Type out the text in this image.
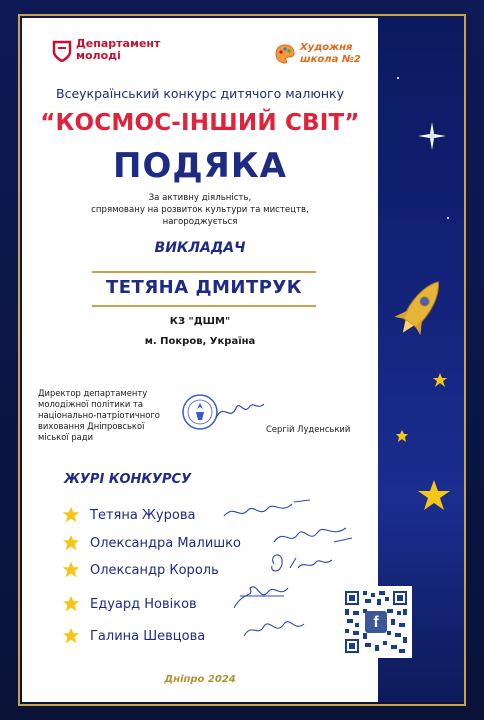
Департамент
молоді
Художня
школа №2
Всеукраїнський конкурс дитячого малюнку
“КОСМОС-ІНШИЙ СВІТ”
ПОДЯКА
За активну діяльність,
спрямовану на розвиток культури та мистецтв,
нагороджується
ВИКЛАДАЧ
ТЕТЯНА ДМИТРУК
КЗ "ДШМ"
м. Покров, Україна
Директор департаменту
молодіжної політики та
національно-патріотичного
виховання Дніпровської
міської ради
Сергій Луденський
ЖУРІ КОНКУРСУ
Тетяна Журова
Олександра Малишко
Олександр Король
Едуард Новіков
Галина Шевцова
f
Дніпро 2024
